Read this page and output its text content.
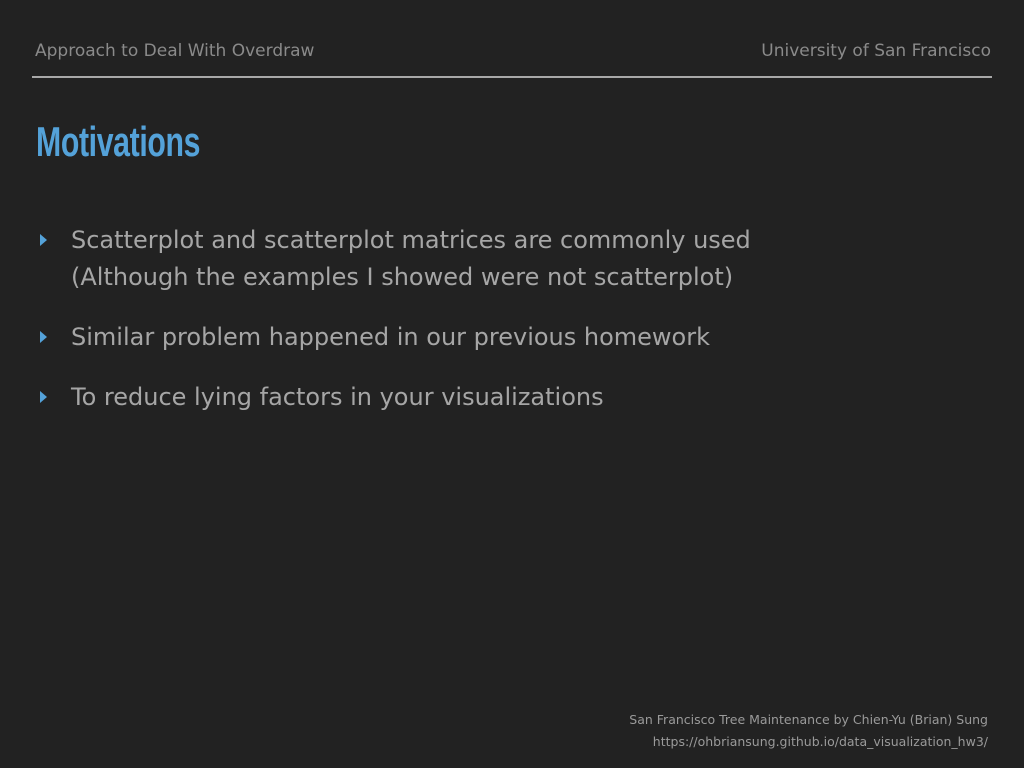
Approach to Deal With Overdraw	University of San Francisco
Motivations
Scatterplot and scatterplot matrices are commonly used
(Although the examples I showed were not scatterplot)
Similar problem happened in our previous homework
To reduce lying factors in your visualizations
San Francisco Tree Maintenance by Chien-Yu (Brian) Sung
https://ohbriansung.github.io/data_visualization_hw3/
